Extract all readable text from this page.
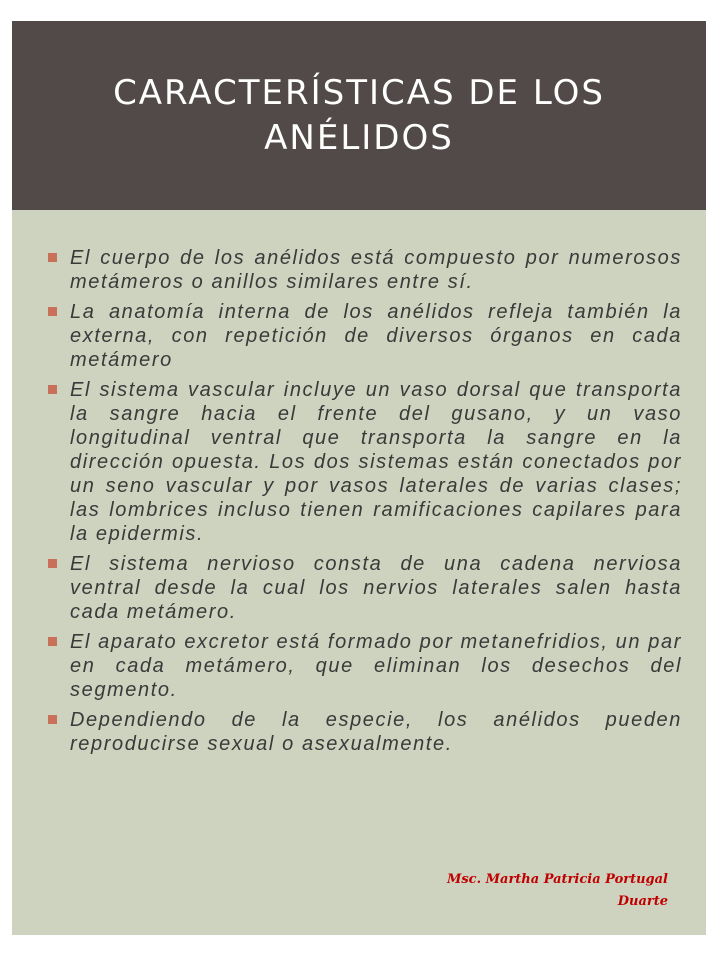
CARACTERÍSTICAS DE LOS ANÉLIDOS
El cuerpo de los anélidos está compuesto por numerosos metámeros o anillos similares entre sí.
La anatomía interna de los anélidos refleja también la externa, con repetición de diversos órganos en cada metámero
El sistema vascular incluye un vaso dorsal que transporta la sangre hacia el frente del gusano, y un vaso longitudinal ventral que transporta la sangre en la dirección opuesta. Los dos sistemas están conectados por un seno vascular y por vasos laterales de varias clases; las lombrices incluso tienen ramificaciones capilares para la epidermis.
El sistema nervioso consta de una cadena nerviosa ventral desde la cual los nervios laterales salen hasta cada metámero.
El aparato excretor está formado por metanefridios, un par en cada metámero, que eliminan los desechos del segmento.
Dependiendo de la especie, los anélidos pueden reproducirse sexual o asexualmente.
Msc. Martha Patricia Portugal Duarte
